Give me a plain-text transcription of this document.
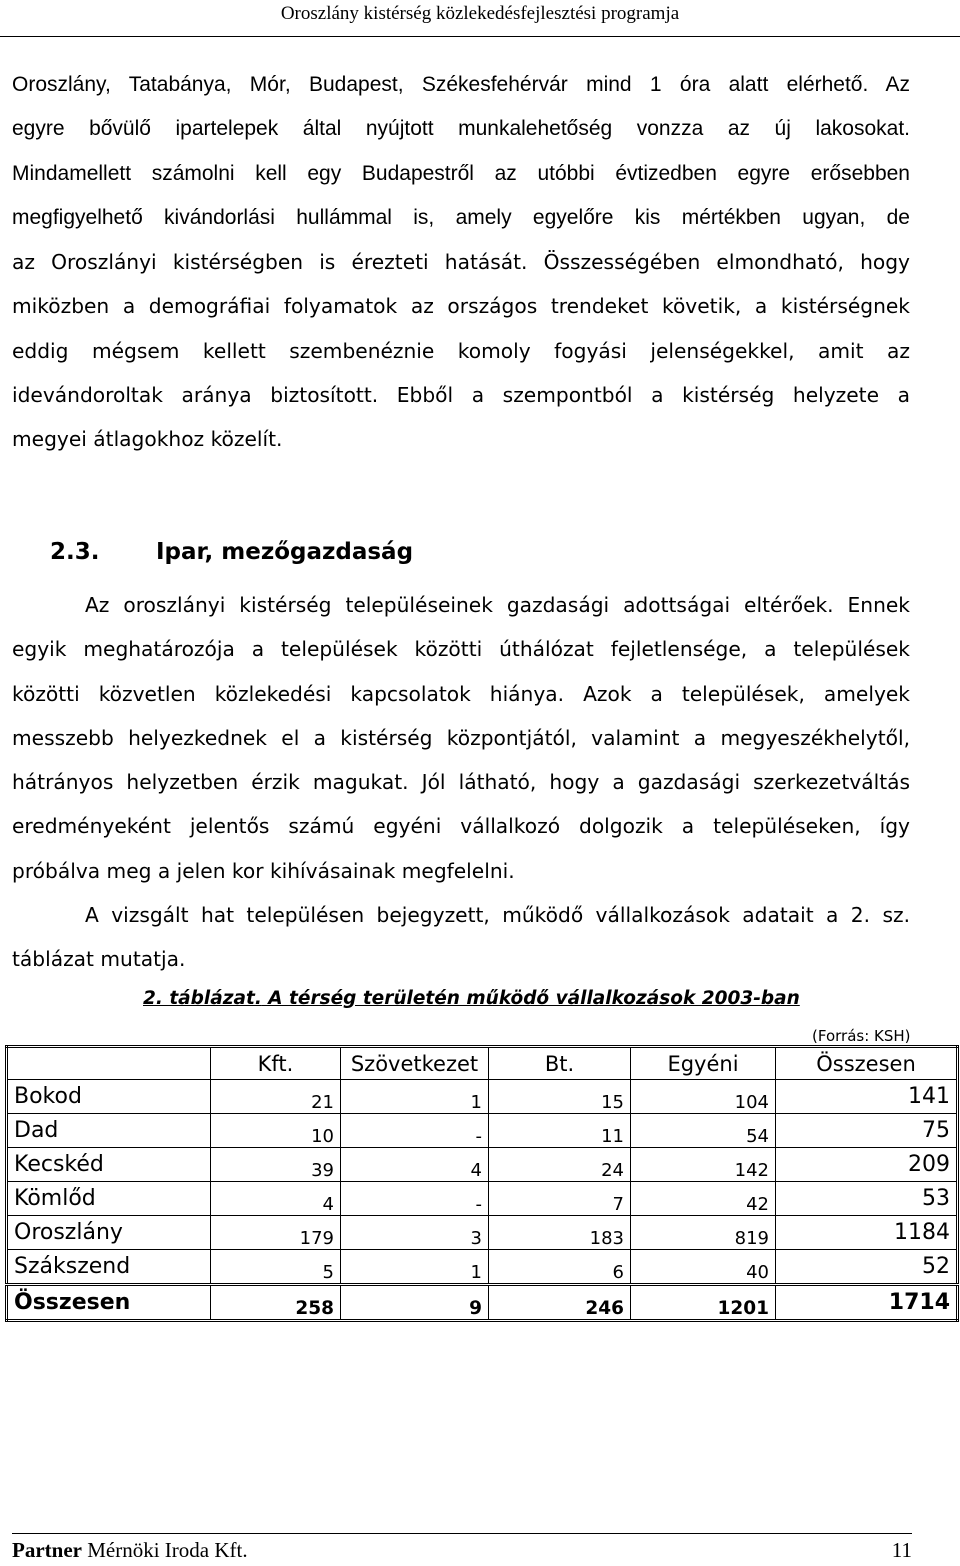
Oroszlány kistérség közlekedésfejlesztési programja

Oroszlány, Tatabánya, Mór, Budapest, Székesfehérvár mind 1 óra alatt elérhető. Az
egyre bővülő ipartelepek által nyújtott munkalehetőség vonzza az új lakosokat.
Mindamellett számolni kell egy Budapestről az utóbbi évtizedben egyre erősebben
megfigyelhető kivándorlási hullámmal is, amely egyelőre kis mértékben ugyan, de

az Oroszlányi kistérségben is érezteti hatását. Összességében elmondható, hogy
miközben a demográfiai folyamatok az országos trendeket követik, a kistérségnek
eddig mégsem kellett szembenéznie komoly fogyási jelenségekkel, amit az
idevándoroltak aránya biztosított. Ebből a szempontból a kistérség helyzete a
megyei átlagokhoz közelít.

2.3. Ipar, mezőgazdaság

Az oroszlányi kistérség településeinek gazdasági adottságai eltérőek. Ennek
egyik meghatározója a települések közötti úthálózat fejletlensége, a települések
közötti közvetlen közlekedési kapcsolatok hiánya. Azok a települések, amelyek
messzebb helyezkednek el a kistérség központjától, valamint a megyeszékhelytől,
hátrányos helyzetben érzik magukat. Jól látható, hogy a gazdasági szerkezetváltás
eredményeként jelentős számú egyéni vállalkozó dolgozik a településeken, így
próbálva meg a jelen kor kihívásainak megfelelni.

A vizsgált hat településen bejegyzett, működő vállalkozások adatait a 2. sz.
táblázat mutatja.

2. táblázat. A térség területén működő vállalkozások 2003-ban
(Forrás: KSH)
	Kft.	Szövetkezet	Bt.	Egyéni	Összesen
Bokod	21	1	15	104	141
Dad	10	-	11	54	75
Kecskéd	39	4	24	142	209
Kömlőd	4	-	7	42	53
Oroszlány	179	3	183	819	1184
Szákszend	5	1	6	40	52
Összesen	258	9	246	1201	1714
Partner Mérnöki Iroda Kft.	11
